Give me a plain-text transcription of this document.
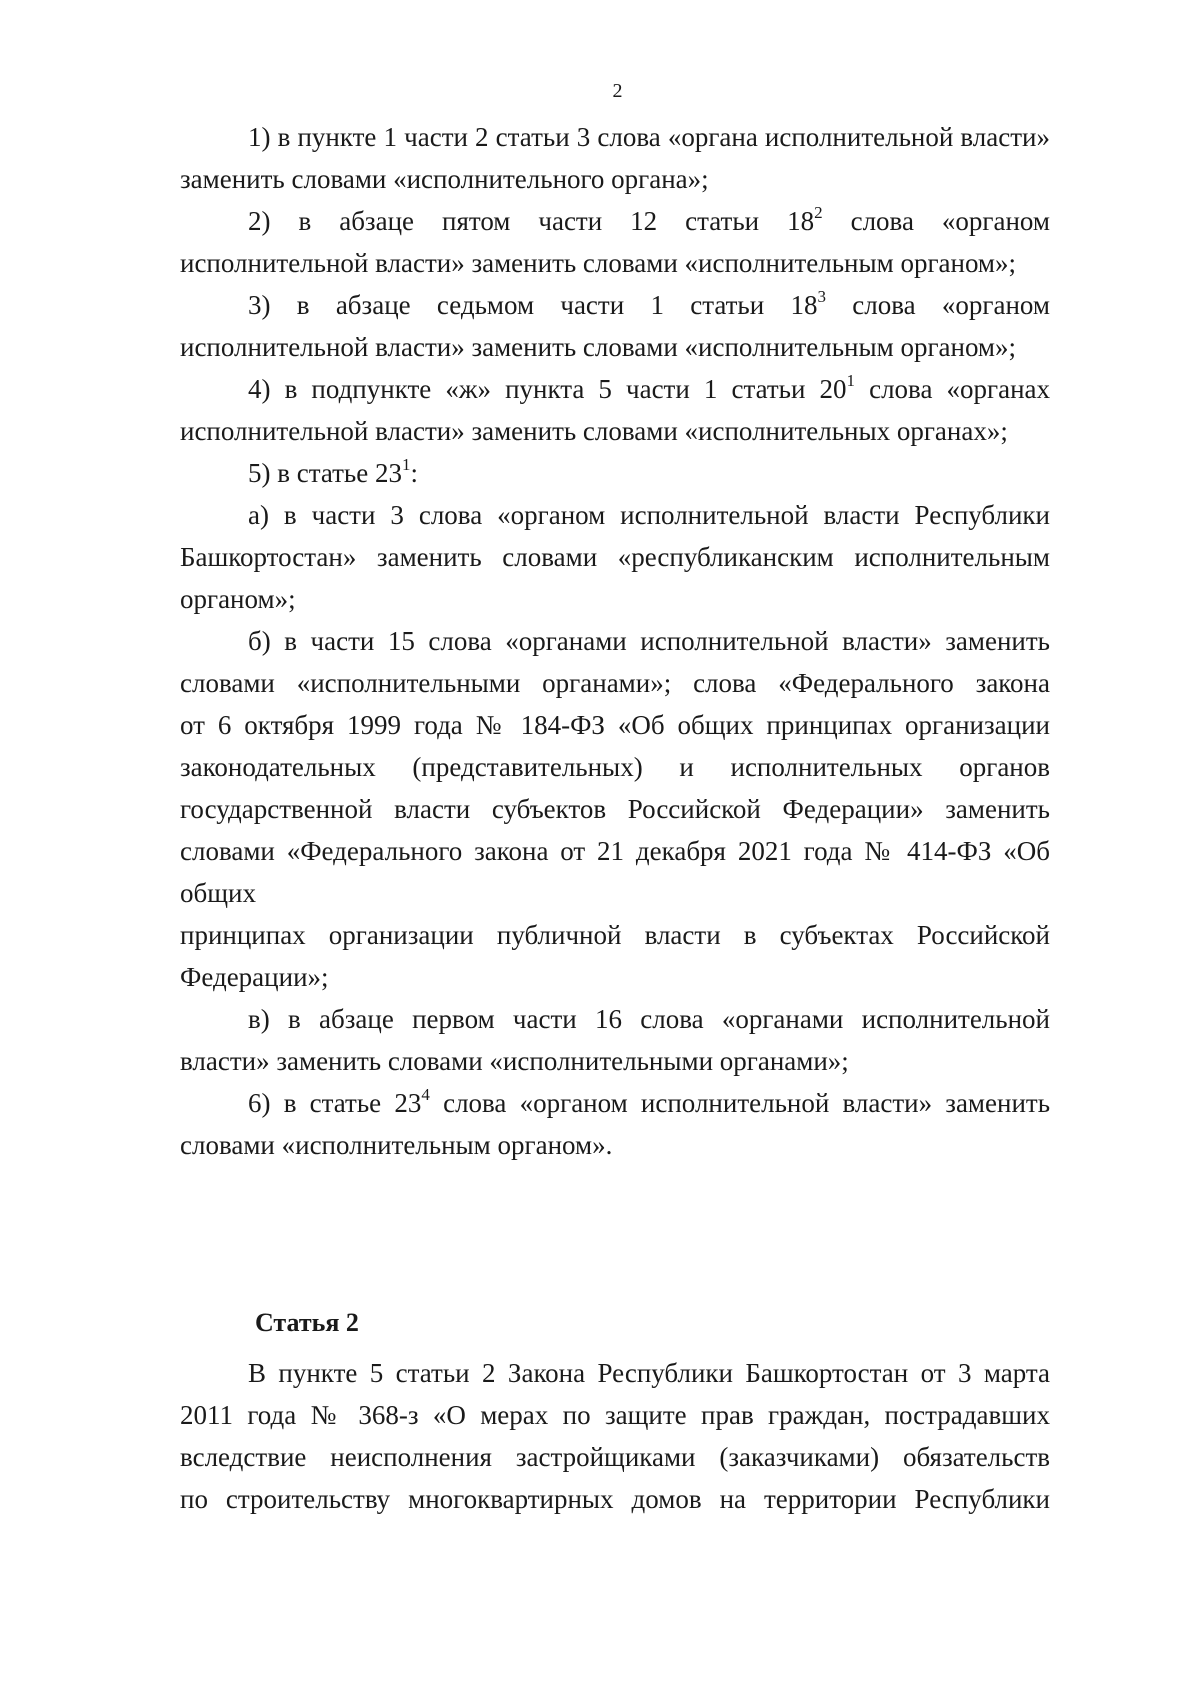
2

1) в пункте 1 части 2 статьи 3 слова «органа исполнительной власти» заменить словами «исполнительного органа»;

2) в абзаце пятом части 12 статьи $18^2$ слова «органом исполнительной власти» заменить словами «исполнительным органом»;

3) в абзаце седьмом части 1 статьи $18^3$ слова «органом исполнительной власти» заменить словами «исполнительным органом»;

4) в подпункте «ж» пункта 5 части 1 статьи $20^1$ слова «органах исполнительной власти» заменить словами «исполнительных органах»;

5) в статье $23^1$:

а) в части 3 слова «органом исполнительной власти Республики Башкортостан» заменить словами «республиканским исполнительным органом»;

б) в части 15 слова «органами исполнительной власти» заменить
словами «исполнительными органами»; слова «Федерального закона
от 6 октября 1999 года № 184-ФЗ «Об общих принципах организации
законодательных (представительных) и исполнительных органов
государственной власти субъектов Российской Федерации» заменить
словами «Федерального закона от 21 декабря 2021 года № 414-ФЗ «Об общих
принципах организации публичной власти в субъектах Российской
Федерации»;

в) в абзаце первом части 16 слова «органами исполнительной власти» заменить словами «исполнительными органами»;

6) в статье $23^4$ слова «органом исполнительной власти» заменить словами «исполнительным органом».

Статья 2
В пункте 5 статьи 2 Закона Республики Башкортостан от 3 марта
2011 года № 368-з «О мерах по защите прав граждан, пострадавших
вследствие неисполнения застройщиками (заказчиками) обязательств
по строительству многоквартирных домов на территории Республики
